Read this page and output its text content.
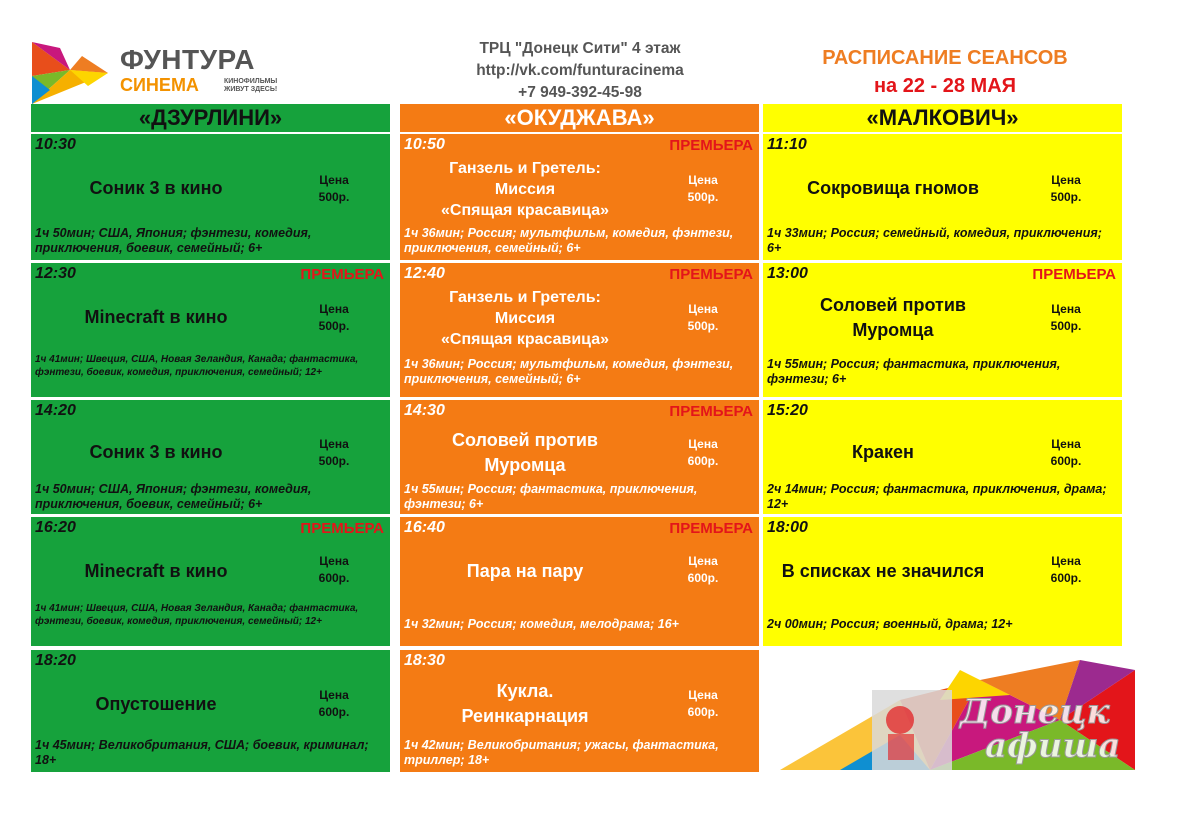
ФУНТУРА
СИНЕМА	КИНОФИЛЬМЫ
ЖИВУТ ЗДЕСЬ!
ТРЦ "Донецк Сити" 4 этаж
http://vk.com/funturacinema
+7 949-392-45-98
РАСПИСАНИЕ СЕАНСОВ
на 22 - 28 МАЯ
«ДЗУРЛИНИ»	«ОКУДЖАВА»	«МАЛКОВИЧ»
10:30
Соник 3 в кино	Цена
500р.
1ч 50мин; США, Япония; фэнтези, комедия, приключения, боевик, семейный; 6+
12:30	ПРЕМЬЕРА
Minecraft в кино	Цена
500р.
1ч 41мин; Швеция, США, Новая Зеландия, Канада; фантастика, фэнтези, боевик, комедия, приключения, семейный; 12+
14:20
Соник 3 в кино	Цена
500р.
1ч 50мин; США, Япония; фэнтези, комедия, приключения, боевик, семейный; 6+
16:20	ПРЕМЬЕРА
Minecraft в кино	Цена
600р.
1ч 41мин; Швеция, США, Новая Зеландия, Канада; фантастика, фэнтези, боевик, комедия, приключения, семейный; 12+
18:20
Опустошение	Цена
600р.
1ч 45мин; Великобритания, США; боевик, криминал; 18+
10:50	ПРЕМЬЕРА
Ганзель и Гретель:
Миссия
«Спящая красавица»
Цена
500р.
1ч 36мин; Россия; мультфильм, комедия, фэнтези, приключения, семейный; 6+
12:40	ПРЕМЬЕРА
Ганзель и Гретель:
Миссия
«Спящая красавица»
Цена
500р.
1ч 36мин; Россия; мультфильм, комедия, фэнтези, приключения, семейный; 6+
14:30	ПРЕМЬЕРА
Соловей против
Муромца
Цена
600р.
1ч 55мин; Россия; фантастика, приключения, фэнтези; 6+
16:40	ПРЕМЬЕРА
Пара на пару	Цена
600р.
1ч 32мин; Россия; комедия, мелодрама; 16+
18:30
Кукла.
Реинкарнация
Цена
600р.
1ч 42мин; Великобритания; ужасы, фантастика, триллер; 18+
11:10
Сокровища гномов	Цена
500р.
1ч 33мин; Россия; семейный, комедия, приключения; 6+
13:00	ПРЕМЬЕРА
Соловей против
Муромца
Цена
500р.
1ч 55мин; Россия; фантастика, приключения, фэнтези; 6+
15:20
Кракен	Цена
600р.
2ч 14мин; Россия; фантастика, приключения, драма; 12+
18:00
В списках не значился	Цена
600р.
2ч 00мин; Россия; военный, драма; 12+
Донецк
афиша
